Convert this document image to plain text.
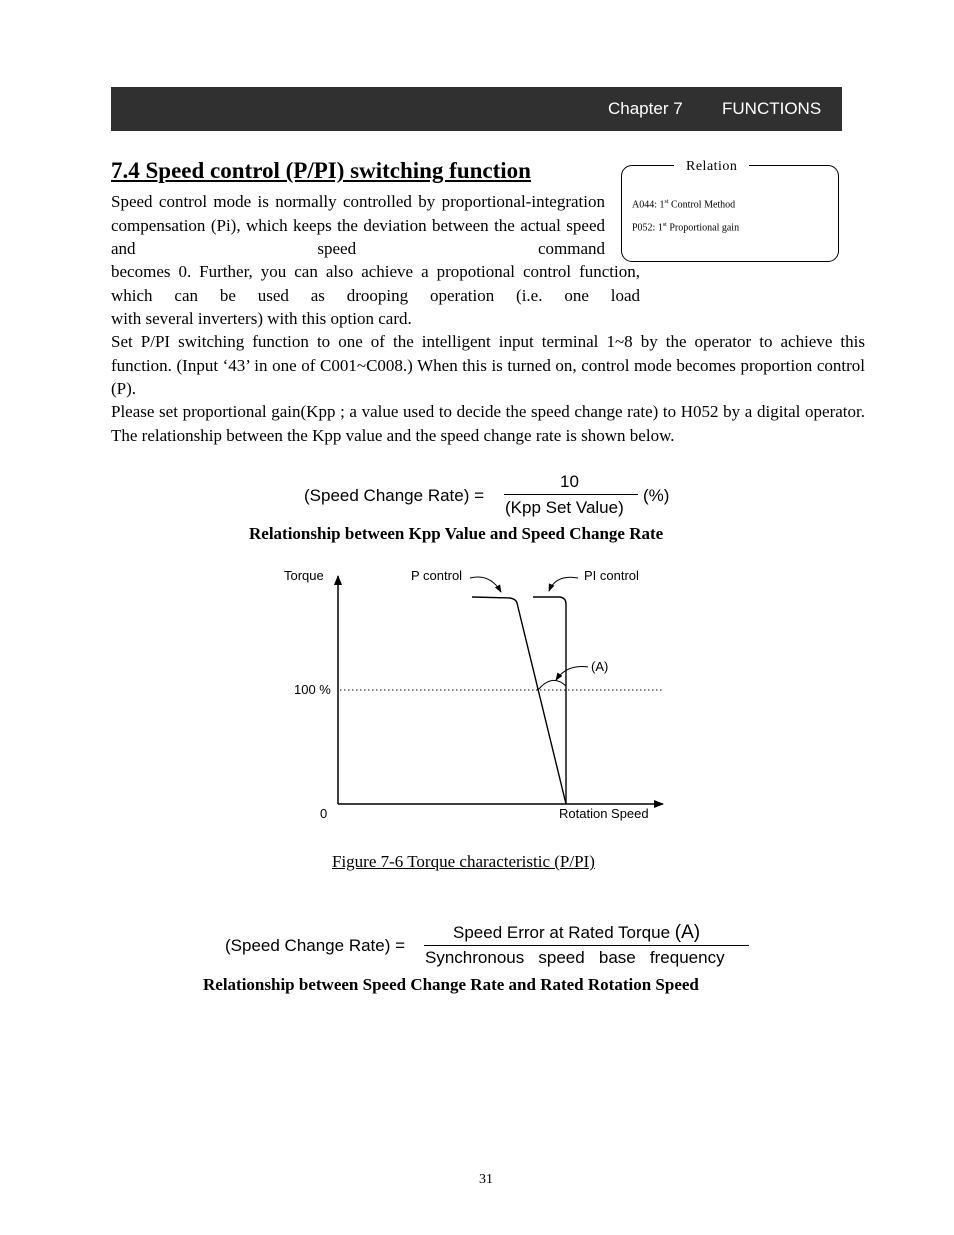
Chapter 7 FUNCTIONS
7.4 Speed control (P/PI) switching function	Relation
A044: 1st Control Method
P052: 1st Proportional gain

Speed control mode is normally controlled by proportional-integration compensation (Pi), which keeps the deviation between the actual speed and speed command

becomes 0. Further, you can also achieve a propotional control function, which can be used as drooping operation (i.e. one load

with several inverters) with this option card.

Set P/PI switching function to one of the intelligent input terminal 1~8 by the operator to achieve this function. (Input ‘43’ in one of C001~C008.) When this is turned on, control mode becomes proportion control (P).

Please set proportional gain(Kpp ; a value used to decide the speed change rate) to H052 by a digital operator. The relationship between the Kpp value and the speed change rate is shown below.

(Speed Change Rate) =
10
(Kpp Set Value)
(%)
Relationship between Kpp Value and Speed Change Rate
Torque
Rotation Speed
0
100 %
P control	PI control
(A)
Figure 7-6 Torque characteristic (P/PI)
(Speed Change Rate) =
Speed Error at Rated Torque (A)
Synchronous   speed   base   frequency
Relationship between Speed Change Rate and Rated Rotation Speed
31
